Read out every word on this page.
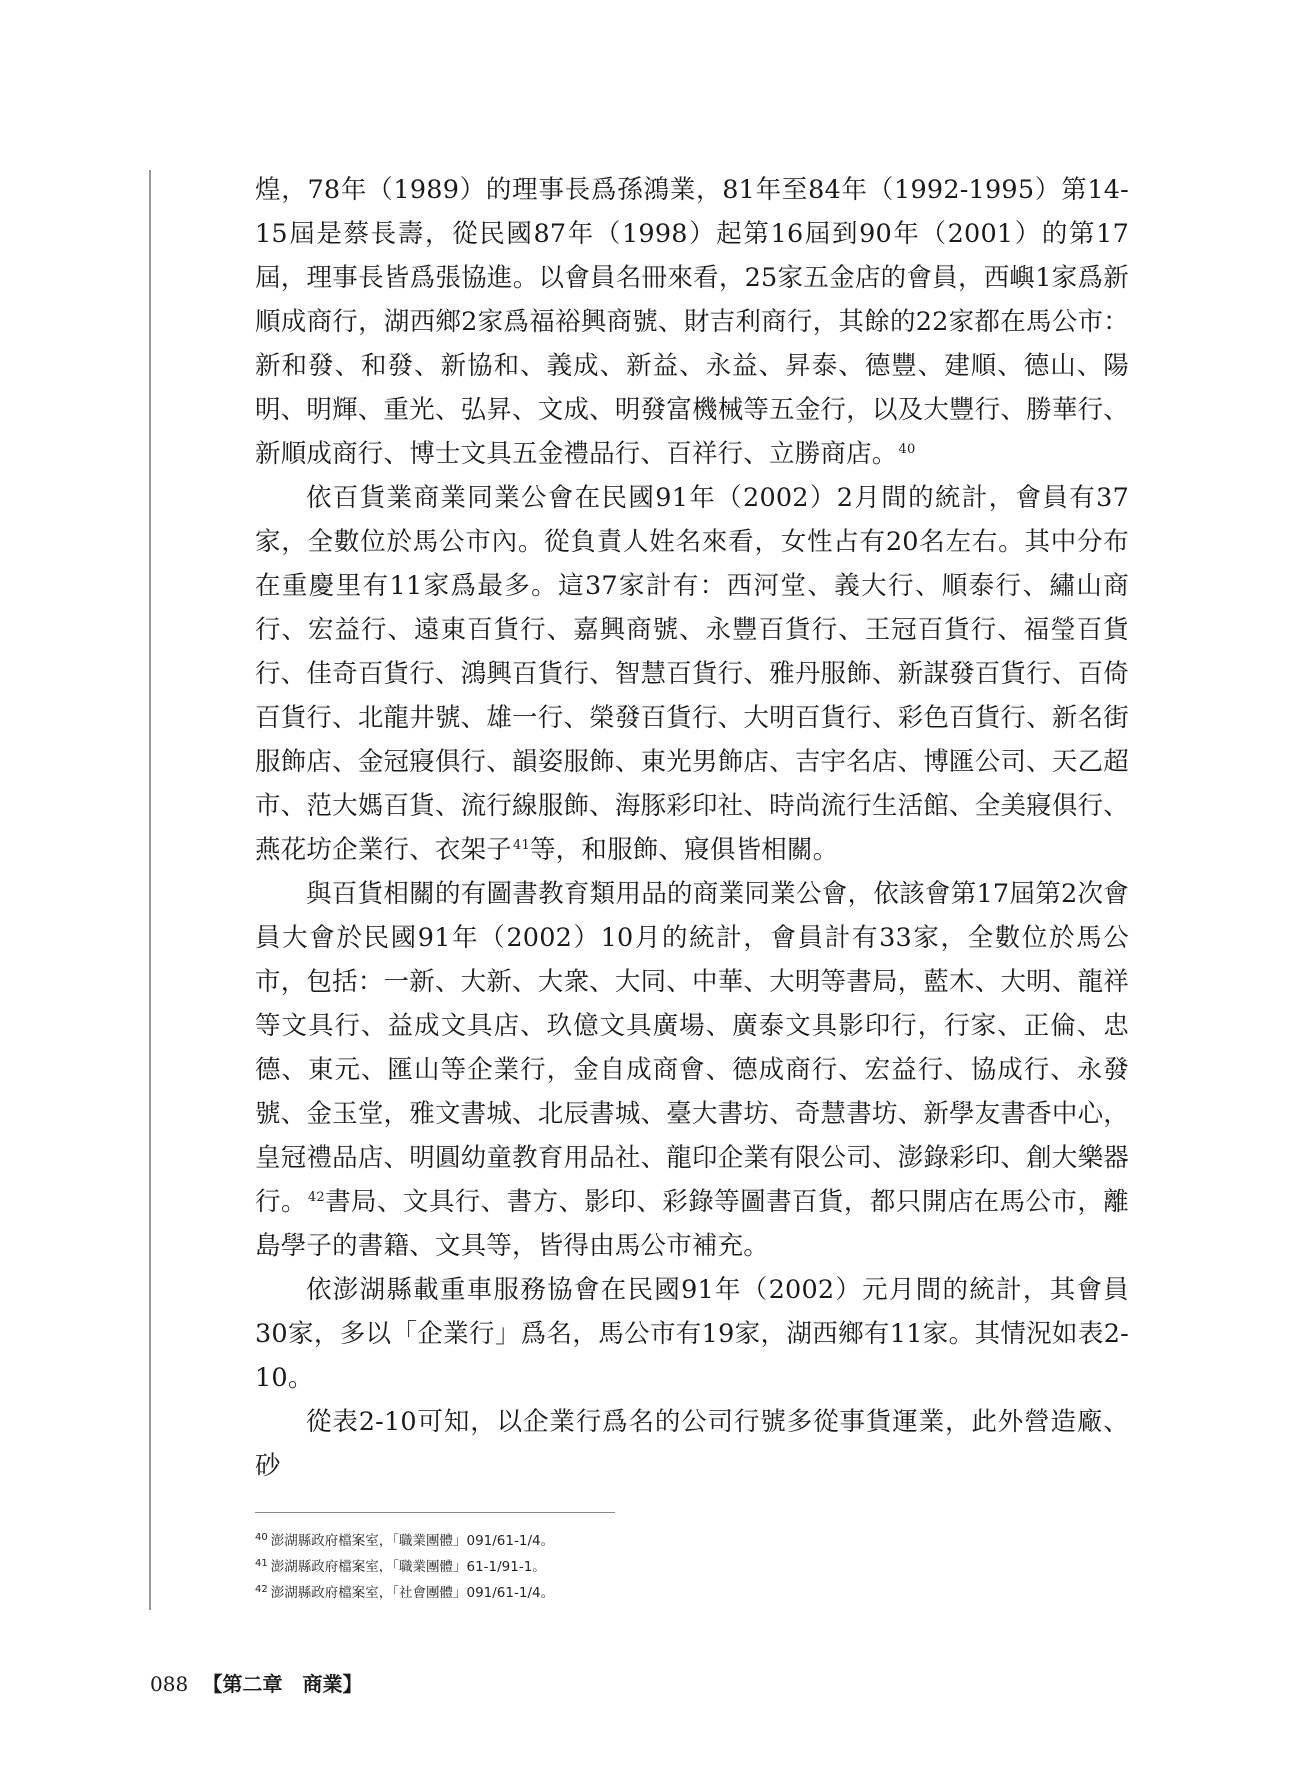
煌，78年（1989）的理事長爲孫鴻業，81年至84年（1992-1995）第14-15屆是蔡長壽，從民國87年（1998）起第16屆到90年（2001）的第17屆，理事長皆爲張協進。以會員名冊來看，25家五金店的會員，西嶼1家爲新順成商行，湖西鄉2家爲福裕興商號、財吉利商行，其餘的22家都在馬公市：新和發、和發、新協和、義成、新益、永益、昇泰、德豐、建順、德山、陽明、明輝、重光、弘昇、文成、明發富機械等五金行，以及大豐行、勝華行、新順成商行、博士文具五金禮品行、百祥行、立勝商店。$^{40}$

依百貨業商業同業公會在民國91年（2002）2月間的統計，會員有37家，全數位於馬公市內。從負責人姓名來看，女性占有20名左右。其中分布在重慶里有11家爲最多。這37家計有：西河堂、義大行、順泰行、繡山商行、宏益行、遠東百貨行、嘉興商號、永豐百貨行、王冠百貨行、福瑩百貨行、佳奇百貨行、鴻興百貨行、智慧百貨行、雅丹服飾、新謀發百貨行、百倚百貨行、北龍井號、雄一行、榮發百貨行、大明百貨行、彩色百貨行、新名街服飾店、金冠寢俱行、韻姿服飾、東光男飾店、吉宇名店、博匯公司、天乙超市、范大媽百貨、流行線服飾、海豚彩印社、時尚流行生活館、全美寢俱行、燕花坊企業行、衣架子$^{41}$等，和服飾、寢俱皆相關。

與百貨相關的有圖書教育類用品的商業同業公會，依該會第17屆第2次會員大會於民國91年（2002）10月的統計，會員計有33家，全數位於馬公市，包括：一新、大新、大衆、大同、中華、大明等書局，藍木、大明、龍祥等文具行、益成文具店、玖億文具廣場、廣泰文具影印行，行家、正倫、忠德、東元、匯山等企業行，金自成商會、德成商行、宏益行、協成行、永發號、金玉堂，雅文書城、北辰書城、臺大書坊、奇慧書坊、新學友書香中心，皇冠禮品店、明圓幼童教育用品社、龍印企業有限公司、澎錄彩印、創大樂器行。$^{42}$書局、文具行、書方、影印、彩錄等圖書百貨，都只開店在馬公市，離島學子的書籍、文具等，皆得由馬公市補充。

依澎湖縣載重車服務協會在民國91年（2002）元月間的統計，其會員30家，多以「企業行」爲名，馬公市有19家，湖西鄉有11家。其情況如表2-10。

從表2-10可知，以企業行爲名的公司行號多從事貨運業，此外營造廠、砂

$^{40}$ 澎湖縣政府檔案室，「職業團體」091/61-1/4。
$^{41}$ 澎湖縣政府檔案室，「職業團體」61-1/91-1。
$^{42}$ 澎湖縣政府檔案室，「社會團體」091/61-1/4。
088 【第二章　商業】
